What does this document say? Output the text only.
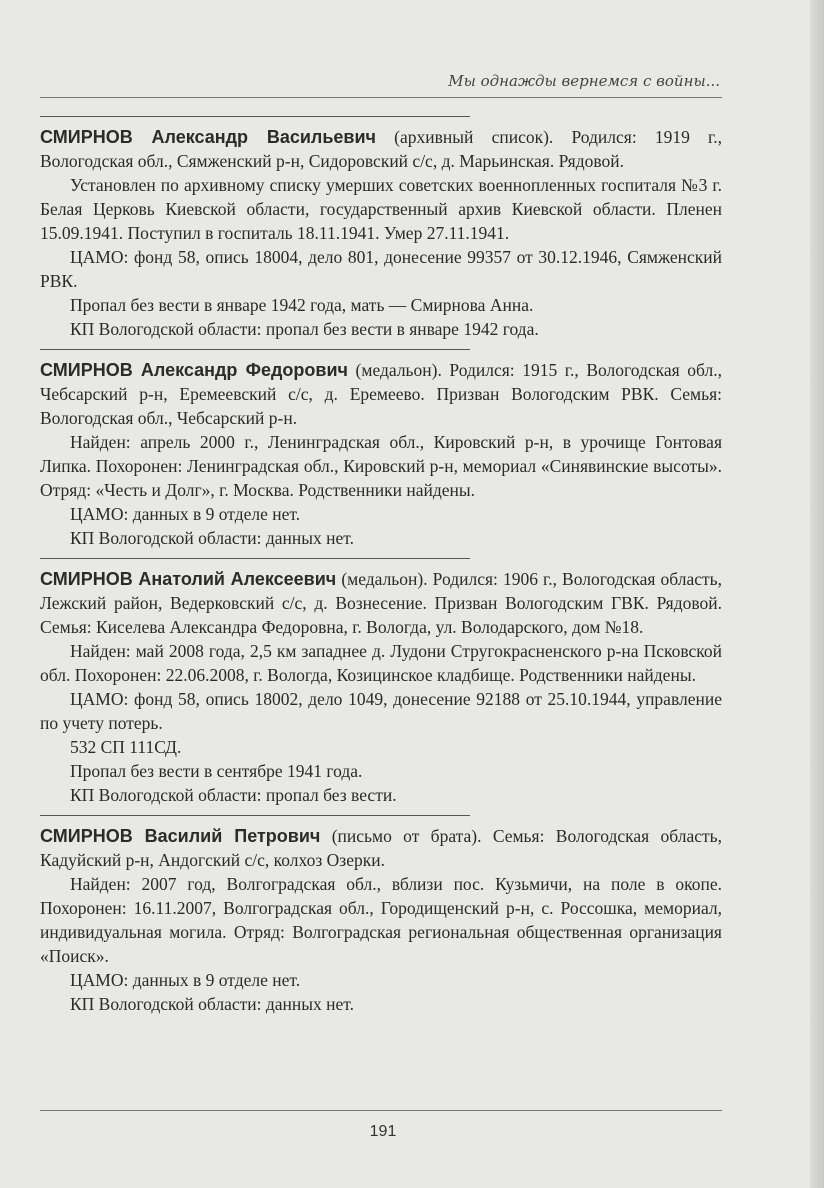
Мы однажды вернемся с войны...

СМИРНОВ Александр Васильевич (архивный список). Родился: 1919 г., Вологодская обл., Сямженский р-н, Сидоровский с/с, д. Марьинская. Рядовой.

Установлен по архивному списку умерших советских военнопленных госпиталя №3 г. Белая Церковь Киевской области, государственный архив Киевской области. Пленен 15.09.1941. Поступил в госпиталь 18.11.1941. Умер 27.11.1941.

ЦАМО: фонд 58, опись 18004, дело 801, донесение 99357 от 30.12.1946, Сямженский РВК.

Пропал без вести в январе 1942 года, мать — Смирнова Анна.

КП Вологодской области: пропал без вести в январе 1942 года.

СМИРНОВ Александр Федорович (медальон). Родился: 1915 г., Вологодская обл., Чебсарский р-н, Еремеевский с/с, д. Еремеево. Призван Вологодским РВК. Семья: Вологодская обл., Чебсарский р-н.

Найден: апрель 2000 г., Ленинградская обл., Кировский р-н, в урочище Гонтовая Липка. Похоронен: Ленинградская обл., Кировский р-н, мемориал «Синявинские высоты». Отряд: «Честь и Долг», г. Москва. Родственники найдены.

ЦАМО: данных в 9 отделе нет.

КП Вологодской области: данных нет.

СМИРНОВ Анатолий Алексеевич (медальон). Родился: 1906 г., Вологодская область, Лежский район, Ведерковский с/с, д. Вознесение. Призван Вологодским ГВК. Рядовой. Семья: Киселева Александра Федоровна, г. Вологда, ул. Володарского, дом №18.

Найден: май 2008 года, 2,5 км западнее д. Лудони Стругокрасненского р-на Псковской обл. Похоронен: 22.06.2008, г. Вологда, Козицинское кладбище. Родственники найдены.

ЦАМО: фонд 58, опись 18002, дело 1049, донесение 92188 от 25.10.1944, управление по учету потерь.

532 СП 111СД.

Пропал без вести в сентябре 1941 года.

КП Вологодской области: пропал без вести.

СМИРНОВ Василий Петрович (письмо от брата). Семья: Вологодская область, Кадуйский р-н, Андогский с/с, колхоз Озерки.

Найден: 2007 год, Волгоградская обл., вблизи пос. Кузьмичи, на поле в окопе. Похоронен: 16.11.2007, Волгоградская обл., Городищенский р-н, с. Россошка, мемориал, индивидуальная могила. Отряд: Волгоградская региональная общественная организация «Поиск».

ЦАМО: данных в 9 отделе нет.

КП Вологодской области: данных нет.

191
